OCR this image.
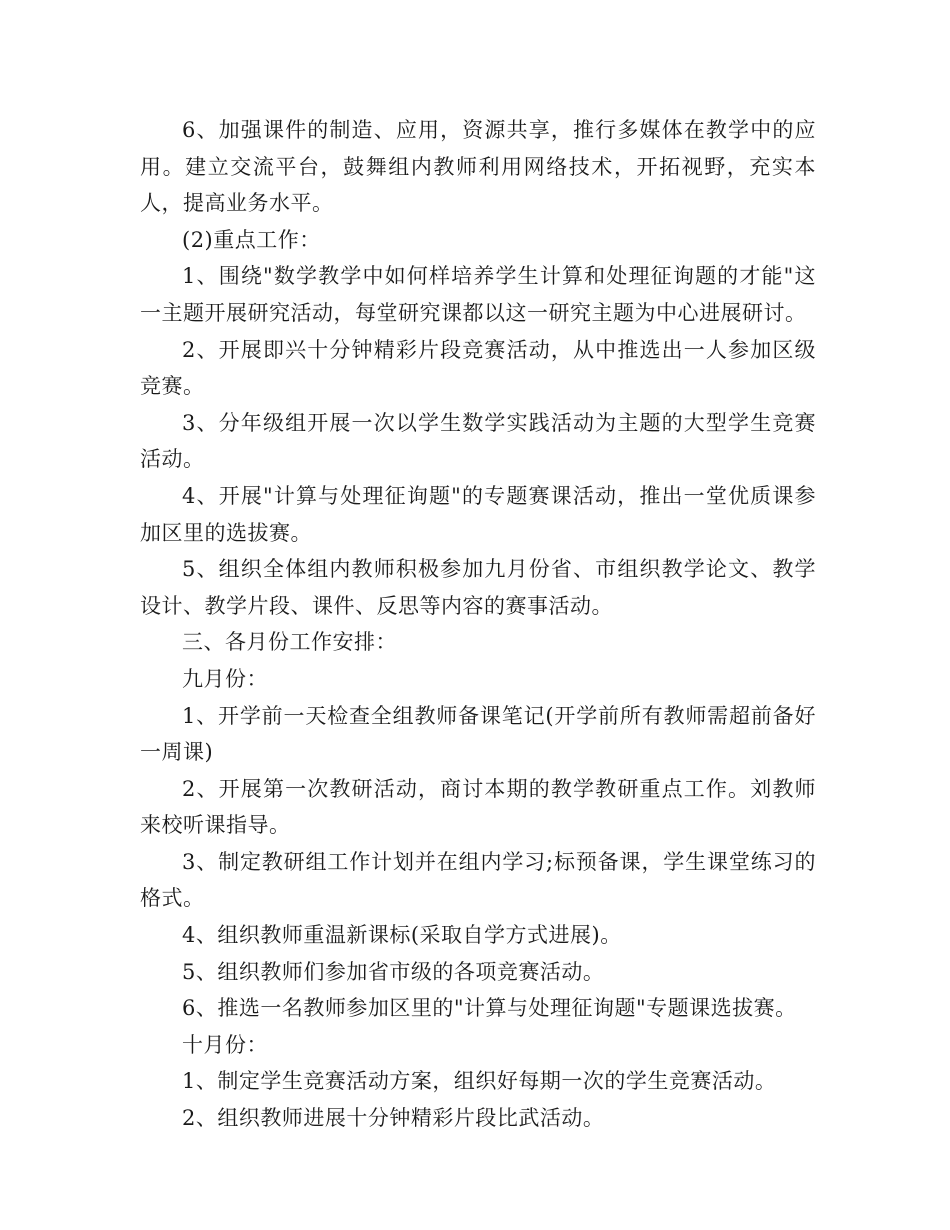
6、加强课件的制造、应用，资源共享，推行多媒体在教学中的应用。建立交流平台，鼓舞组内教师利用网络技术，开拓视野，充实本人，提高业务水平。

(2)重点工作：

1、围绕"数学教学中如何样培养学生计算和处理征询题的才能"这一主题开展研究活动，每堂研究课都以这一研究主题为中心进展研讨。

2、开展即兴十分钟精彩片段竞赛活动，从中推选出一人参加区级竞赛。

3、分年级组开展一次以学生数学实践活动为主题的大型学生竞赛活动。

4、开展"计算与处理征询题"的专题赛课活动，推出一堂优质课参加区里的选拔赛。

5、组织全体组内教师积极参加九月份省、市组织教学论文、教学设计、教学片段、课件、反思等内容的赛事活动。

三、各月份工作安排：

九月份：

1、开学前一天检查全组教师备课笔记(开学前所有教师需超前备好一周课)

2、开展第一次教研活动，商讨本期的教学教研重点工作。刘教师来校听课指导。

3、制定教研组工作计划并在组内学习;标预备课，学生课堂练习的格式。

4、组织教师重温新课标(采取自学方式进展)。

5、组织教师们参加省市级的各项竞赛活动。

6、推选一名教师参加区里的"计算与处理征询题"专题课选拔赛。

十月份：

1、制定学生竞赛活动方案，组织好每期一次的学生竞赛活动。

2、组织教师进展十分钟精彩片段比武活动。
